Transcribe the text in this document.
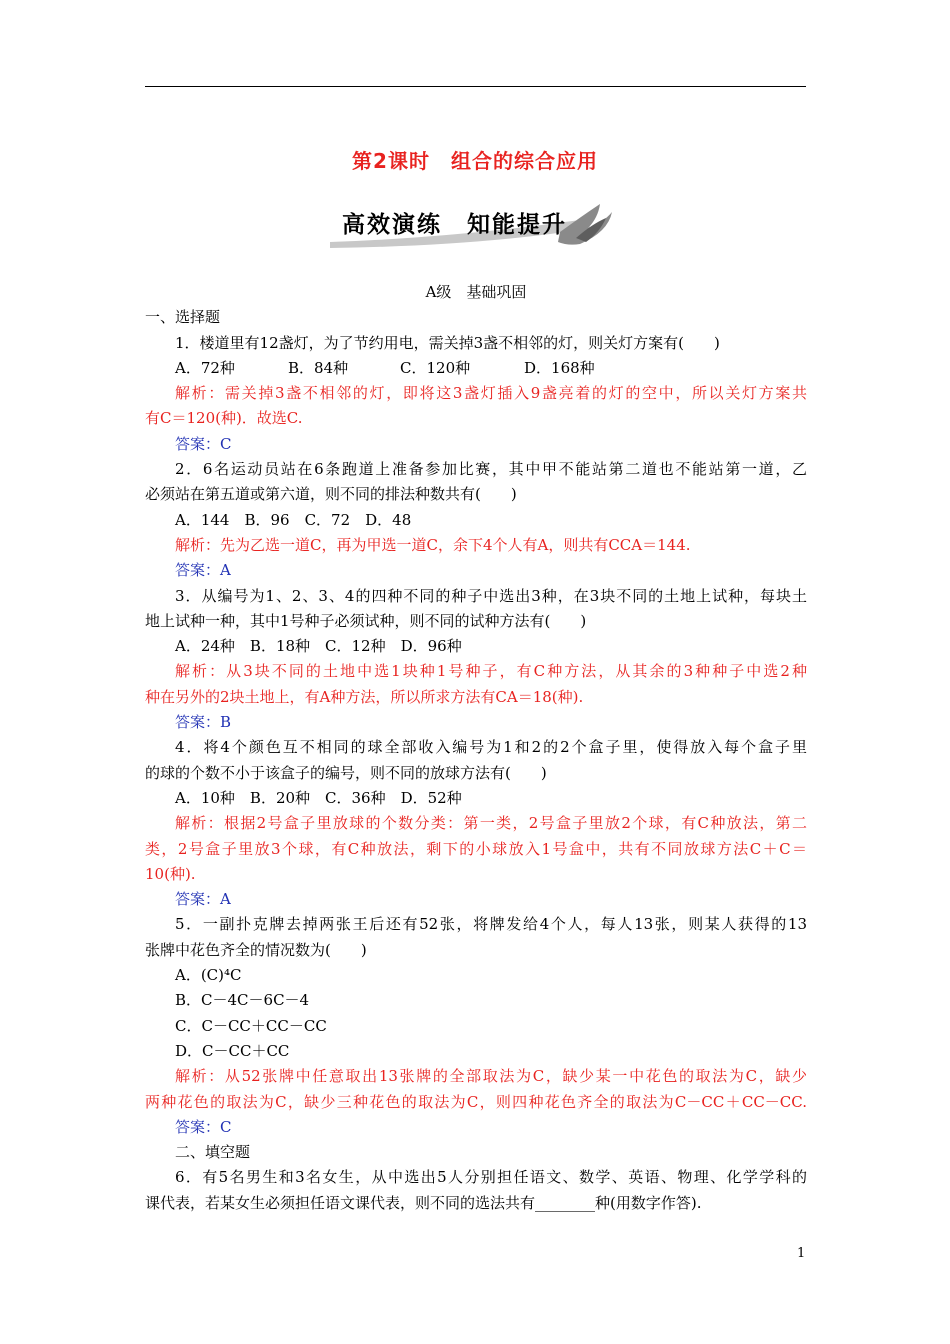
第2课时　组合的综合应用
高效演练　知能提升
A级　基础巩固
一、选择题
1．楼道里有12盏灯，为了节约用电，需关掉3盏不相邻的灯，则关灯方案有(　　)
A．72种	B．84种	C．120种	D．168种
解析：需关掉3盏不相邻的灯，即将这3盏灯插入9盏亮着的灯的空中，所以关灯方案共
有C＝120(种)．故选C.
答案：C
2．6名运动员站在6条跑道上准备参加比赛，其中甲不能站第二道也不能站第一道，乙
必须站在第五道或第六道，则不同的排法种数共有(　　)
A．144　B．96　C．72　D．48
解析：先为乙选一道C，再为甲选一道C，余下4个人有A，则共有CCA＝144.
答案：A
3．从编号为1、2、3、4的四种不同的种子中选出3种，在3块不同的土地上试种，每块土
地上试种一种，其中1号种子必须试种，则不同的试种方法有(　　)
A．24种　B．18种　C．12种　D．96种
解析：从3块不同的土地中选1块种1号种子，有C种方法，从其余的3种种子中选2种
种在另外的2块土地上，有A种方法，所以所求方法有CA＝18(种).
答案：B
4．将4个颜色互不相同的球全部收入编号为1和2的2个盒子里，使得放入每个盒子里
的球的个数不小于该盒子的编号，则不同的放球方法有(　　)
A．10种　B．20种　C．36种　D．52种
解析：根据2号盒子里放球的个数分类：第一类，2号盒子里放2个球，有C种放法，第二
类，2号盒子里放3个球，有C种放法，剩下的小球放入1号盒中，共有不同放球方法C＋C＝
10(种).
答案：A
5．一副扑克牌去掉两张王后还有52张，将牌发给4个人，每人13张，则某人获得的13
张牌中花色齐全的情况数为(　　)
A．(C)⁴C
B．C－4C－6C－4
C．C－CC＋CC－CC
D．C－CC＋CC
解析：从52张牌中任意取出13张牌的全部取法为C，缺少某一中花色的取法为C，缺少
两种花色的取法为C，缺少三种花色的取法为C，则四种花色齐全的取法为C－CC＋CC－CC.
答案：C
二、填空题
6．有5名男生和3名女生，从中选出5人分别担任语文、数学、英语、物理、化学学科的
课代表，若某女生必须担任语文课代表，则不同的选法共有________种(用数字作答).
1
